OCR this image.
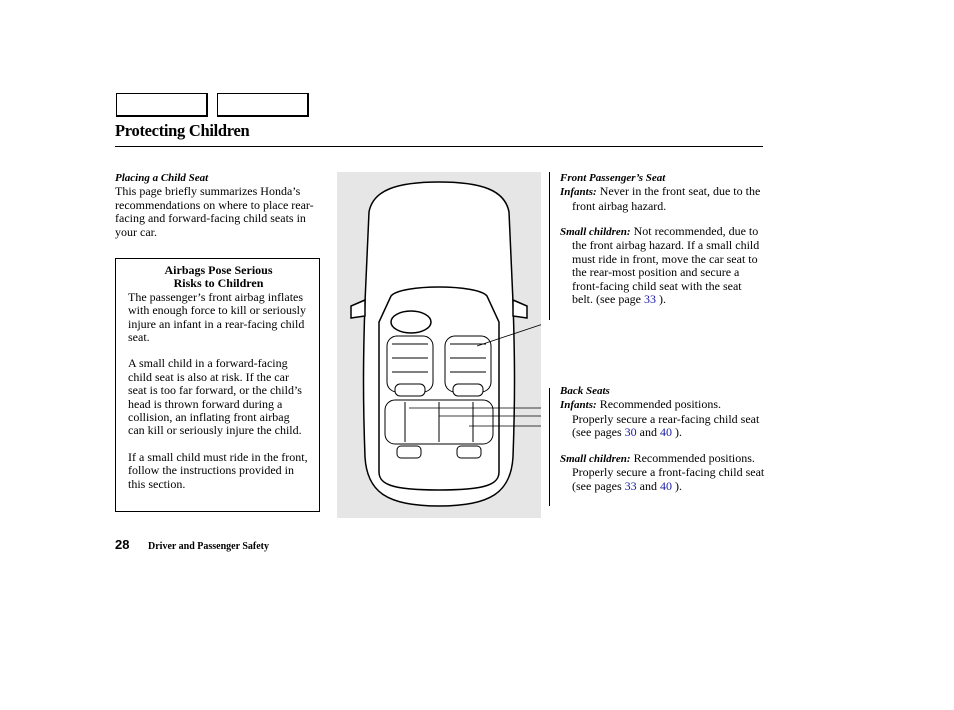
Protecting Children
Placing a Child Seat
This page briefly summarizes Honda’s recommendations on where to place rear-facing and forward-facing child seats in your car.
Airbags Pose Serious
Risks to Children

The passenger’s front airbag inflates with enough force to kill or seriously injure an infant in a rear-facing child seat.

A small child in a forward-facing child seat is also at risk. If the car seat is too far forward, or the child’s head is thrown forward during a collision, an inflating front airbag can kill or seriously injure the child.

If a small child must ride in the front, follow the instructions provided in this section.

Front Passenger’s Seat

Infants: Never in the front seat, due to the front airbag hazard.

Small children: Not recommended, due to the front airbag hazard. If a small child must ride in front, move the car seat to the rear-most position and secure a front-facing child seat with the seat belt. (see page 33 ).

Back Seats

Infants: Recommended positions. Properly secure a rear-facing child seat (see pages 30 and 40 ).

Small children: Recommended positions. Properly secure a front-facing child seat (see pages 33 and 40 ).

28 Driver and Passenger Safety
